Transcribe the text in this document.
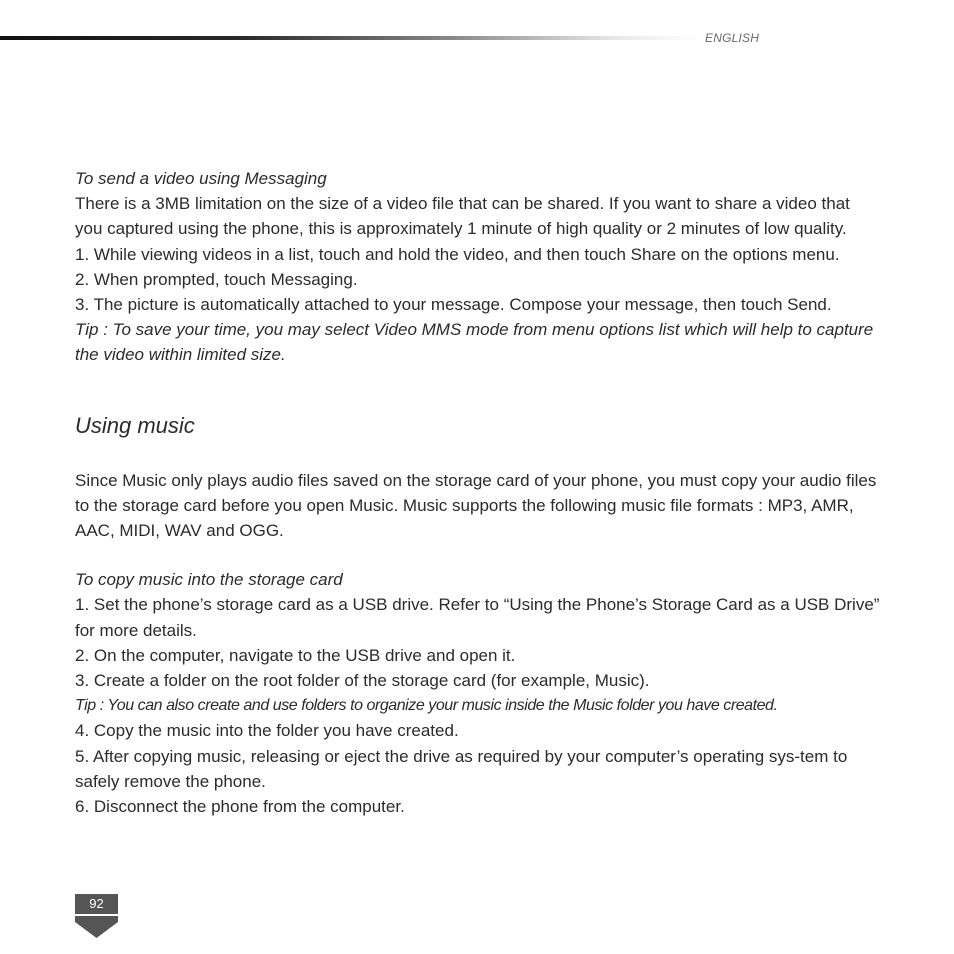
ENGLISH

To send a video using Messaging

There is a 3MB limitation on the size of a video file that can be shared. If you want to share a video that you captured using the phone, this is approximately 1 minute of high quality or 2 minutes of low quality.

1. While viewing videos in a list, touch and hold the video, and then touch Share on the options menu.

2. When prompted, touch Messaging.

3. The picture is automatically attached to your message. Compose your message, then touch Send.

Tip : To save your time, you may select Video MMS mode from menu options list which will help to capture the video within limited size.

Using music

Since Music only plays audio files saved on the storage card of your phone, you must copy your audio files to the storage card before you open Music. Music supports the following music file formats : MP3, AMR, AAC, MIDI, WAV and OGG.

To copy music into the storage card

1. Set the phone’s storage card as a USB drive. Refer to “Using the Phone’s Storage Card as a USB Drive” for more details.

2. On the computer, navigate to the USB drive and open it.

3. Create a folder on the root folder of the storage card (for example, Music).

Tip : You can also create and use folders to organize your music inside the Music folder you have created.

4. Copy the music into the folder you have created.

5. After copying music, releasing or eject the drive as required by your computer’s operating sys-tem to safely remove the phone.

6. Disconnect the phone from the computer.

92
